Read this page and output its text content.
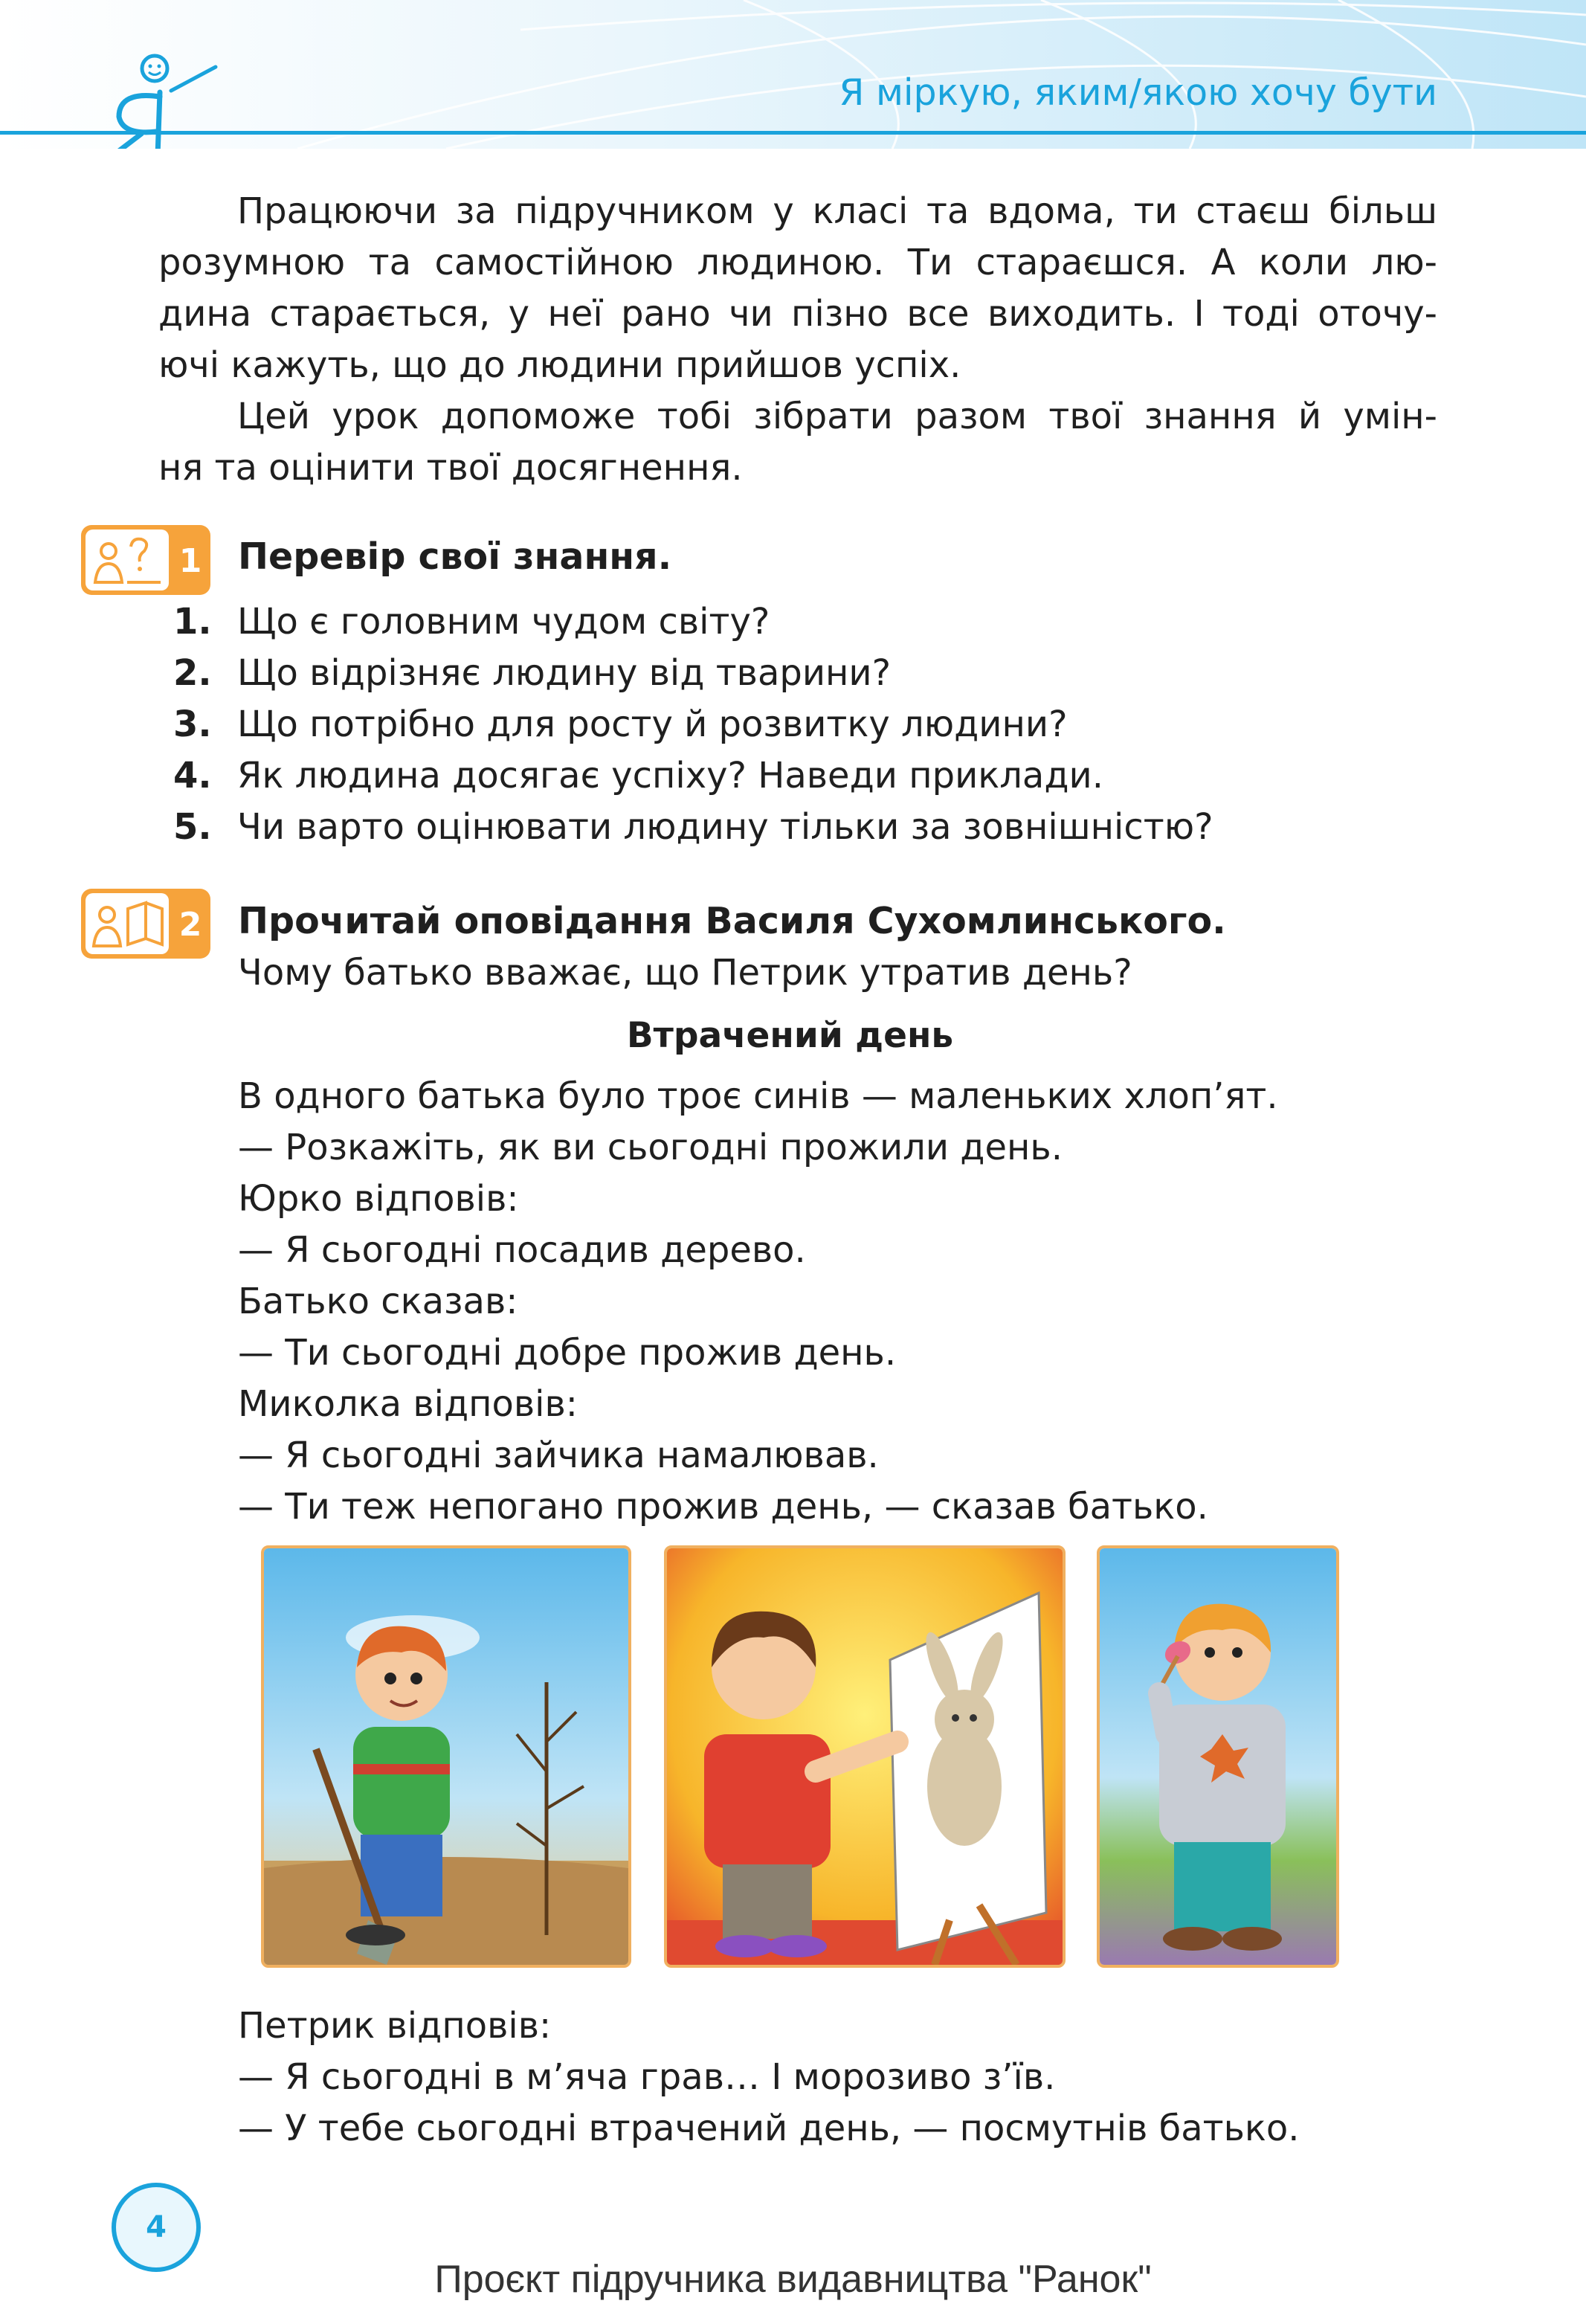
Я міркую, яким/якою хочу бути
Працюючи за підручником у класі та вдома, ти стаєш більш
розумною та самостійною людиною. Ти стараєшся. А коли лю-
дина старається, у неї рано чи пізно все виходить. І тоді оточу-
ючі кажуть, що до людини прийшов успіх.
Цей урок допоможе тобі зібрати разом твої знання й умін-
ня та оцінити твої досягнення.
1 Перевір свої знання.
1. Що є головним чудом світу?
2. Що відрізняє людину від тварини?
3. Що потрібно для росту й розвитку людини?
4. Як людина досягає успіху? Наведи приклади.
5. Чи варто оцінювати людину тільки за зовнішністю?
2 Прочитай оповідання Василя Сухомлинського.
Чому батько вважає, що Петрик утратив день?
Втрачений день
В одного батька було троє синів — маленьких хлоп’ят.
— Розкажіть, як ви сьогодні прожили день.
Юрко відповів:
— Я сьогодні посадив дерево.
Батько сказав:
— Ти сьогодні добре прожив день.
Миколка відповів:
— Я сьогодні зайчика намалював.
— Ти теж непогано прожив день, — сказав батько.
Петрик відповів:
— Я сьогодні в м’яча грав… І морозиво з’їв.
— У тебе сьогодні втрачений день, — посмутнів батько.
4
Проєкт підручника видавництва "Ранок"
